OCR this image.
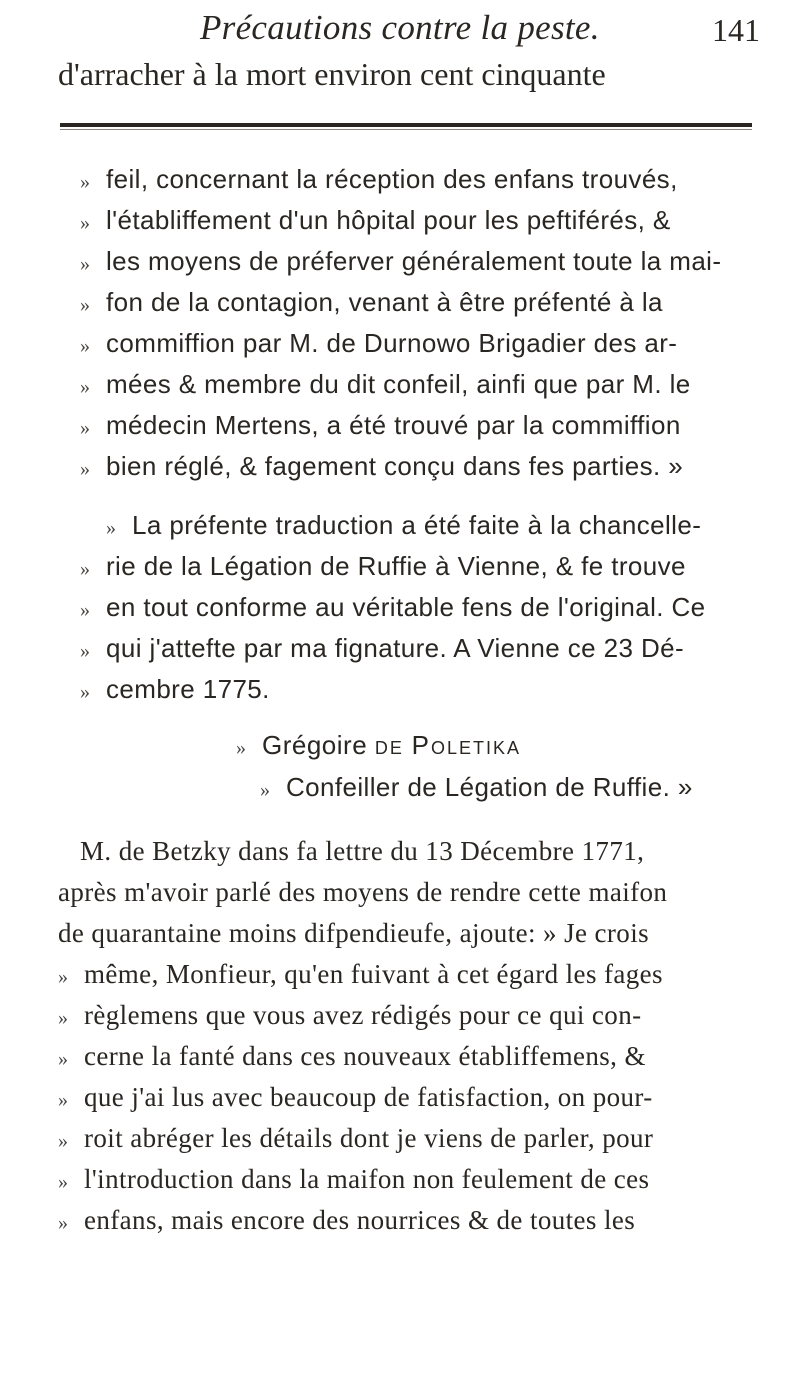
Précautions contre la peste.	141
d'arracher à la mort environ cent cinquante
» feil, concernant la réception des enfans trouvés,
» l'établiffement d'un hôpital pour les peftiférés, &
» les moyens de préferver généralement toute la mai-
» fon de la contagion, venant à être préfenté à la
» commiffion par M. de Durnowo Brigadier des ar-
» mées & membre du dit confeil, ainfi que par M. le
» médecin Mertens, a été trouvé par la commiffion
» bien réglé, & fagement conçu dans fes parties. »
» La préfente traduction a été faite à la chancelle-
» rie de la Légation de Ruffie à Vienne, & fe trouve
» en tout conforme au véritable fens de l'original. Ce
» qui j'attefte par ma fignature. A Vienne ce 23 Dé-
» cembre 1775.
» Grégoire de Poletika
» Confeiller de Légation de Ruffie. »
M. de Betzky dans fa lettre du 13 Décembre 1771,
après m'avoir parlé des moyens de rendre cette maifon
de quarantaine moins difpendieufe, ajoute: » Je crois
» même, Monfieur, qu'en fuivant à cet égard les fages
» règlemens que vous avez rédigés pour ce qui con-
» cerne la fanté dans ces nouveaux établiffemens, &
» que j'ai lus avec beaucoup de fatisfaction, on pour-
» roit abréger les détails dont je viens de parler, pour
» l'introduction dans la maifon non feulement de ces
» enfans, mais encore des nourrices & de toutes les
